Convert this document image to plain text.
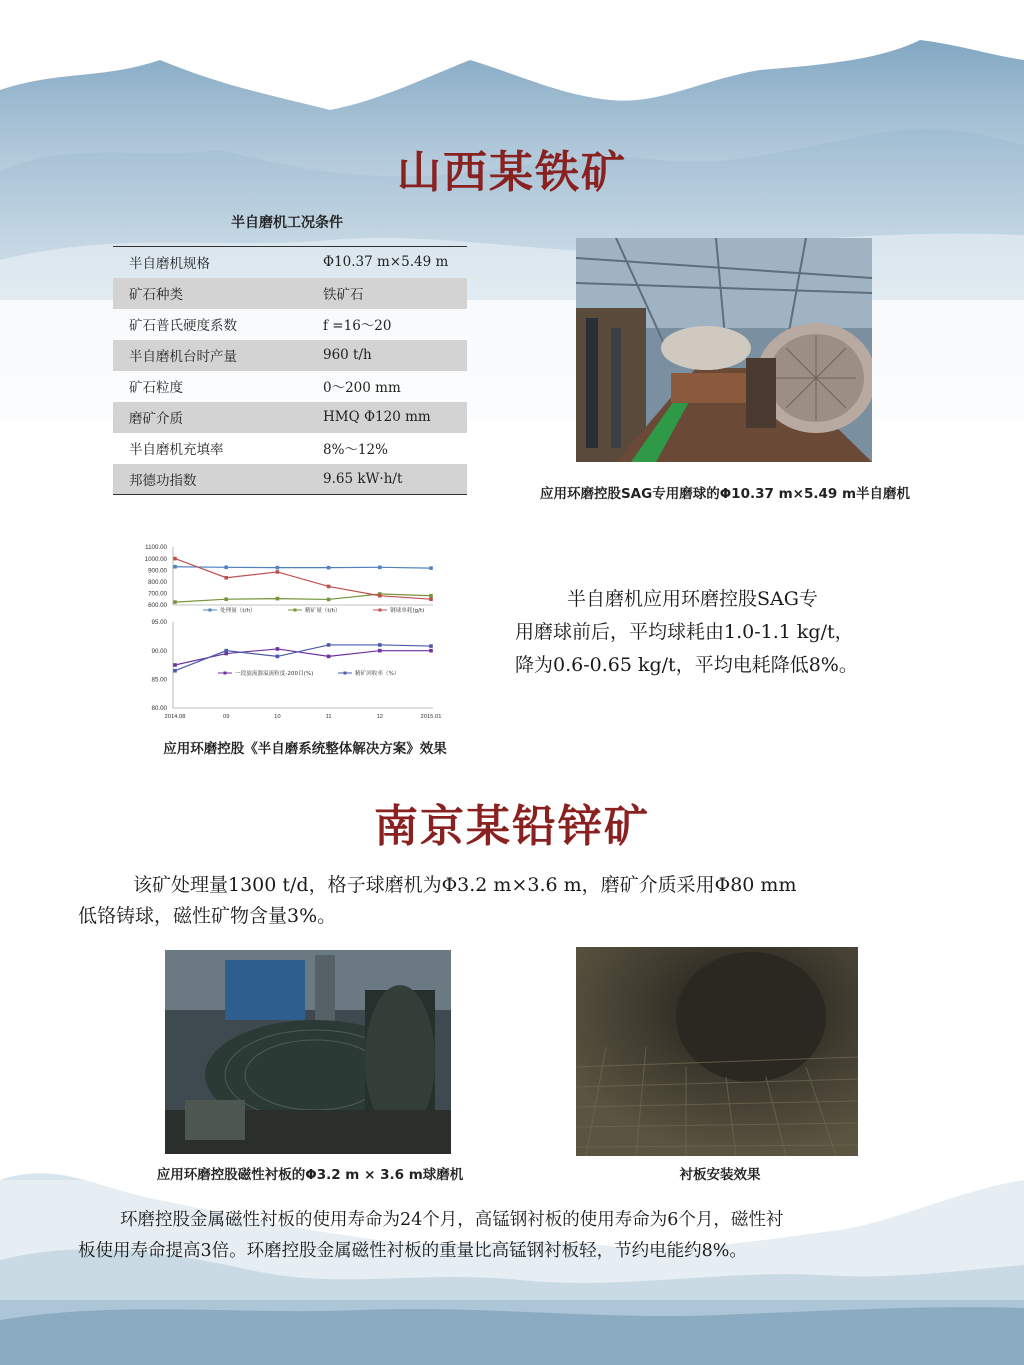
山西某铁矿
半自磨机工况条件
半自磨机规格	Φ10.37 m×5.49 m
矿石种类	铁矿石
矿石普氏硬度系数	f =16〜20
半自磨机台时产量	960 t/h
矿石粒度	0〜200 mm
磨矿介质	HMQ Φ120 mm
半自磨机充填率	8%〜12%
邦德功指数	9.65 kW·h/t

应用环磨控股SAG专用磨球的Φ10.37 m×5.49 m半自磨机

1100.00
1000.00
900.00
800.00
700.00
600.00
95.00
90.00
85.00
80.00
2014.08	09	10	11	12	2015.01
处理量（t/h）	精矿量（t/h）	钢球单耗(g/t)
一段旋流器溢流粒度-200目(%)	精矿回收率（%）

应用环磨控股《半自磨系统整体解决方案》效果

半自磨机应用环磨控股SAG专
用磨球前后，平均球耗由1.0-1.1 kg/t，
降为0.6-0.65 kg/t，平均电耗降低8%。
南京某铅锌矿
该矿处理量1300 t/d，格子球磨机为Φ3.2 m×3.6 m，磨矿介质采用Φ80 mm
低铬铸球，磁性矿物含量3%。

应用环磨控股磁性衬板的Φ3.2 m × 3.6 m球磨机	衬板安装效果

环磨控股金属磁性衬板的使用寿命为24个月，高锰钢衬板的使用寿命为6个月，磁性衬
板使用寿命提高3倍。环磨控股金属磁性衬板的重量比高锰钢衬板轻，节约电能约8%。
